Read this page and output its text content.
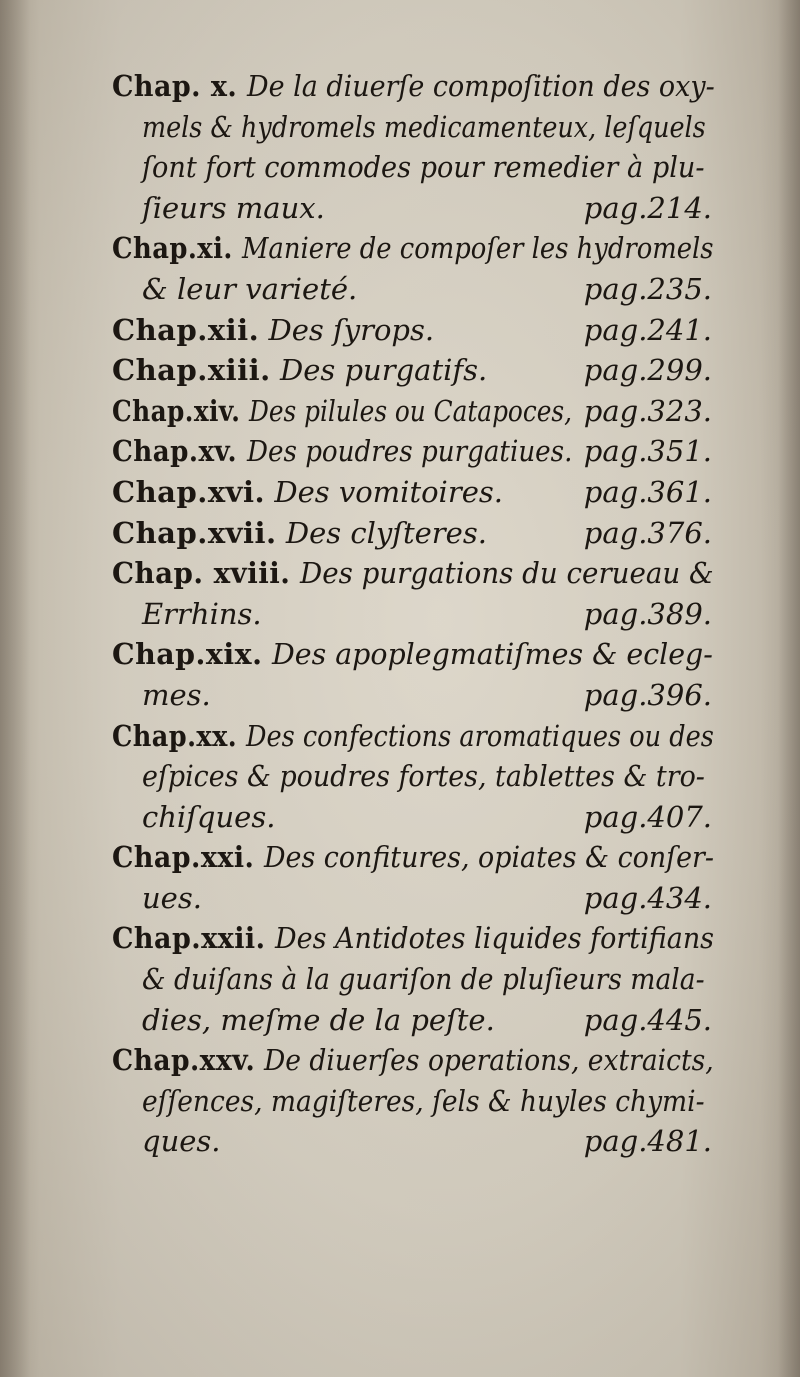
Chap. x. De la diuerſe compoſition des oxy-
mels & hydromels medicamenteux, leſquels
ſont fort commodes pour remedier à plu-
ſieurs maux.	pag.214.
Chap.xi. Maniere de compoſer les hydromels
& leur varieté.	pag.235.
Chap.xii. Des ſyrops.	pag.241.
Chap.xiii. Des purgatifs.	pag.299.
Chap.xiv. Des pilules ou Catapoces, pag.323.
Chap.xv. Des poudres purgatiues. pag.351.
Chap.xvi. Des vomitoires.	pag.361.
Chap.xvii. Des clyſteres.	pag.376.
Chap. xviii. Des purgations du cerueau &
Errhins.	pag.389.
Chap.xix. Des apoplegmatiſmes & ecleg-
mes.	pag.396.
Chap.xx. Des confections aromatiques ou des
eſpices & poudres fortes, tablettes & tro-
chiſques.	pag.407.
Chap.xxi. Des confitures, opiates & conſer-
ues.	pag.434.
Chap.xxii. Des Antidotes liquides fortifians
& duiſans à la guariſon de pluſieurs mala-
dies, meſme de la peſte.	pag.445.
Chap.xxv. De diuerſes operations, extraicts,
eſſences, magiſteres, ſels & huyles chymi-
ques.	pag.481.
